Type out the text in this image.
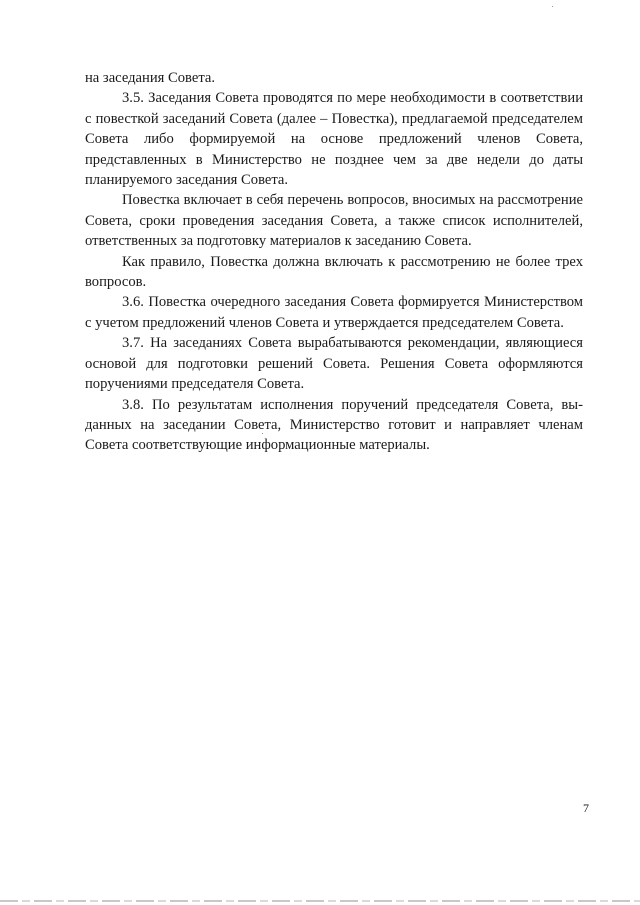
на заседания Совета.

3.5. Заседания Совета проводятся по мере необходимости в соответствии с повесткой заседаний Совета (далее – Повестка), предлагаемой председателем Совета либо формируемой на основе предложений членов Совета, представленных в Министерство не позднее чем за две недели до даты планируемого заседания Совета.

Повестка включает в себя перечень вопросов, вносимых на рассмотрение Совета, сроки проведения заседания Совета, а также список исполнителей, ответственных за подготовку материалов к заседанию Совета.

Как правило, Повестка должна включать к рассмотрению не более трех вопросов.

3.6. Повестка очередного заседания Совета формируется Министерством с учетом предложений членов Совета и утверждается председателем Совета.

3.7. На заседаниях Совета вырабатываются рекомендации, являющиеся основой для подготовки решений Совета. Решения Совета оформляются поручениями председателя Совета.

3.8. По результатам исполнения поручений председателя Совета, выданных на заседании Совета, Министерство готовит и направляет членам Совета соответствующие информационные материалы.

7
